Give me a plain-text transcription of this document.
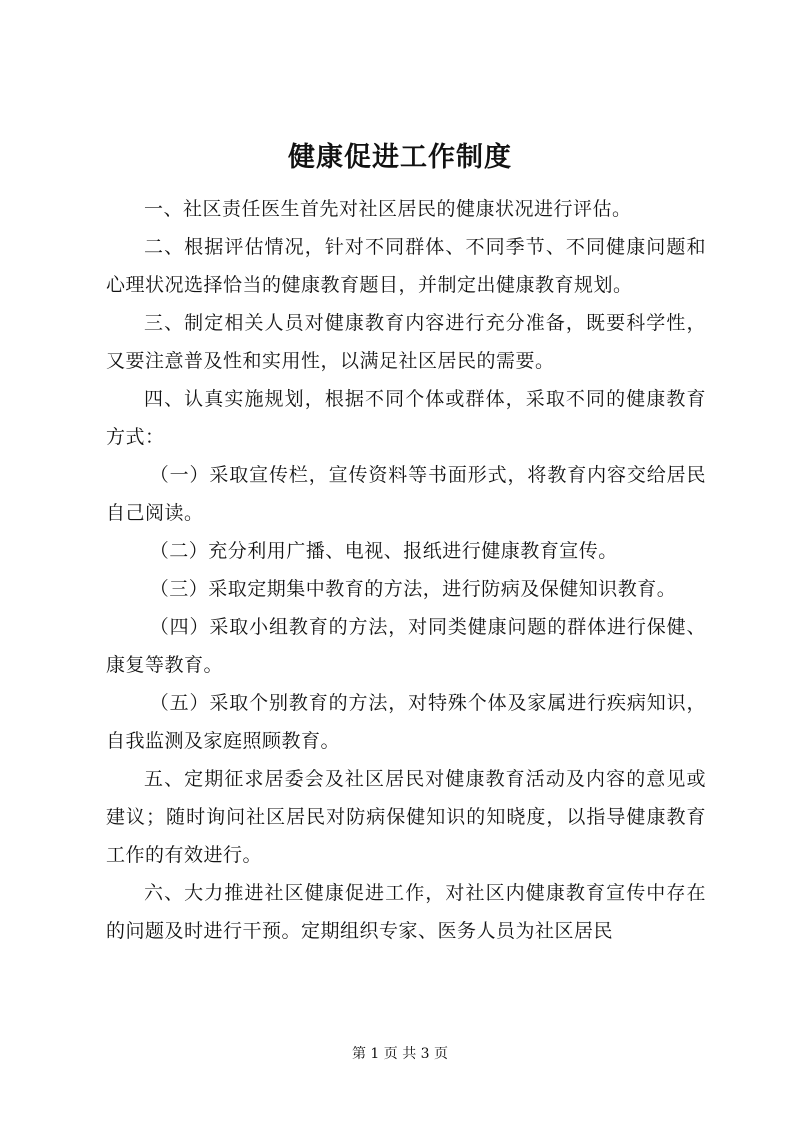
健康促进工作制度

一、社区责任医生首先对社区居民的健康状况进行评估。

二、根据评估情况，针对不同群体、不同季节、不同健康问题和心理状况选择恰当的健康教育题目，并制定出健康教育规划。

三、制定相关人员对健康教育内容进行充分准备，既要科学性，又要注意普及性和实用性，以满足社区居民的需要。

四、认真实施规划，根据不同个体或群体，采取不同的健康教育方式：

（一）采取宣传栏，宣传资料等书面形式，将教育内容交给居民自己阅读。

（二）充分利用广播、电视、报纸进行健康教育宣传。

（三）采取定期集中教育的方法，进行防病及保健知识教育。

（四）采取小组教育的方法，对同类健康问题的群体进行保健、康复等教育。

（五）采取个别教育的方法，对特殊个体及家属进行疾病知识，自我监测及家庭照顾教育。

五、定期征求居委会及社区居民对健康教育活动及内容的意见或建议；随时询问社区居民对防病保健知识的知晓度，以指导健康教育工作的有效进行。

六、大力推进社区健康促进工作，对社区内健康教育宣传中存在的问题及时进行干预。定期组织专家、医务人员为社区居民

第 1 页 共 3 页
